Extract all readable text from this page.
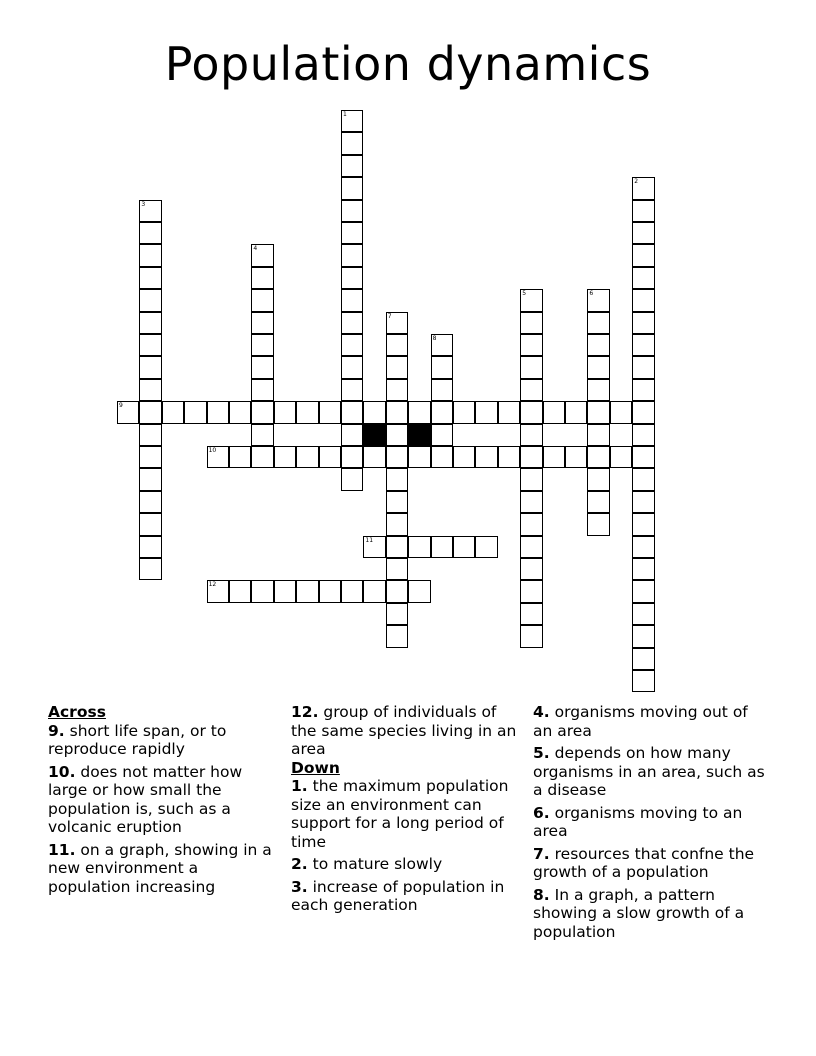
Population dynamics
1
2
3
4
5	6
7
8
9
10
11
12
Across
9. short life span, or to reproduce rapidly
10. does not matter how large or how small the population is, such as a volcanic eruption
11. on a graph, showing in a new environment a population increasing
12. group of individuals of the same species living in an area
Down
1. the maximum population size an environment can support for a long period of time
2. to mature slowly
3. increase of population in each generation
4. organisms moving out of an area
5. depends on how many organisms in an area, such as a disease
6. organisms moving to an area
7. resources that confne the growth of a population
8. In a graph, a pattern showing a slow growth of a population
